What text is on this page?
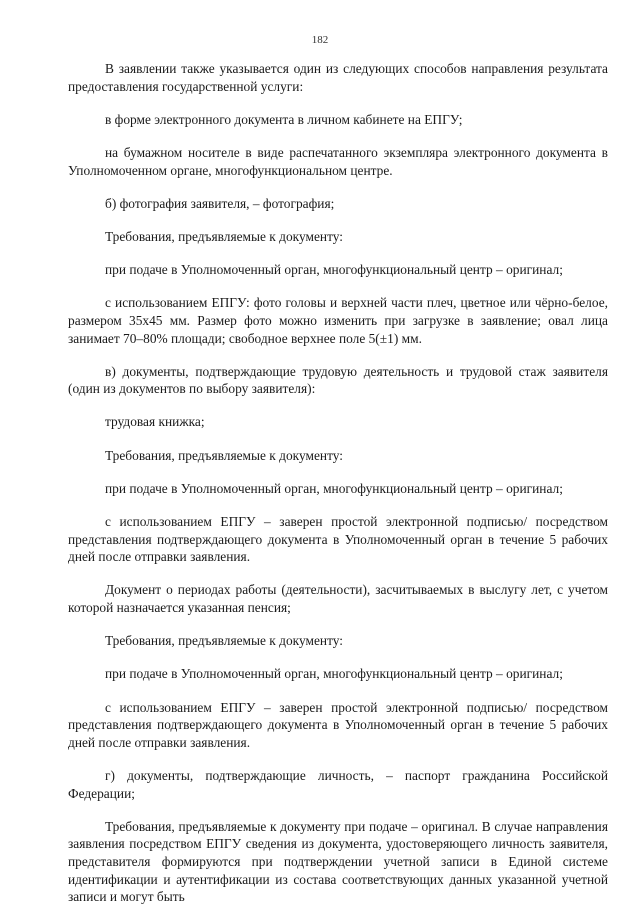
182

В заявлении также указывается один из следующих способов направления результата предоставления государственной услуги:

в форме электронного документа в личном кабинете на ЕПГУ;

на бумажном носителе в виде распечатанного экземпляра электронного документа в Уполномоченном органе, многофункциональном центре.

б) фотография заявителя, – фотография;

Требования, предъявляемые к документу:

при подаче в Уполномоченный орган, многофункциональный центр – оригинал;

с использованием ЕПГУ: фото головы и верхней части плеч, цветное или чёрно-белое, размером 35х45 мм. Размер фото можно изменить при загрузке в заявление; овал лица занимает 70–80% площади; свободное верхнее поле 5(±1) мм.

в) документы, подтверждающие трудовую деятельность и трудовой стаж заявителя (один из документов по выбору заявителя):

трудовая книжка;

Требования, предъявляемые к документу:

при подаче в Уполномоченный орган, многофункциональный центр – оригинал;

с использованием ЕПГУ – заверен простой электронной подписью/ посредством представления подтверждающего документа в Уполномоченный орган в течение 5 рабочих дней после отправки заявления.

Документ о периодах работы (деятельности), засчитываемых в выслугу лет, с учетом которой назначается указанная пенсия;

Требования, предъявляемые к документу:

при подаче в Уполномоченный орган, многофункциональный центр – оригинал;

с использованием ЕПГУ – заверен простой электронной подписью/ посредством представления подтверждающего документа в Уполномоченный орган в течение 5 рабочих дней после отправки заявления.

г) документы, подтверждающие личность, – паспорт гражданина Российской Федерации;

Требования, предъявляемые к документу при подаче – оригинал. В случае направления заявления посредством ЕПГУ сведения из документа, удостоверяющего личность заявителя, представителя формируются при подтверждении учетной записи в Единой системе идентификации и аутентификации из состава соответствующих данных указанной учетной записи и могут быть
